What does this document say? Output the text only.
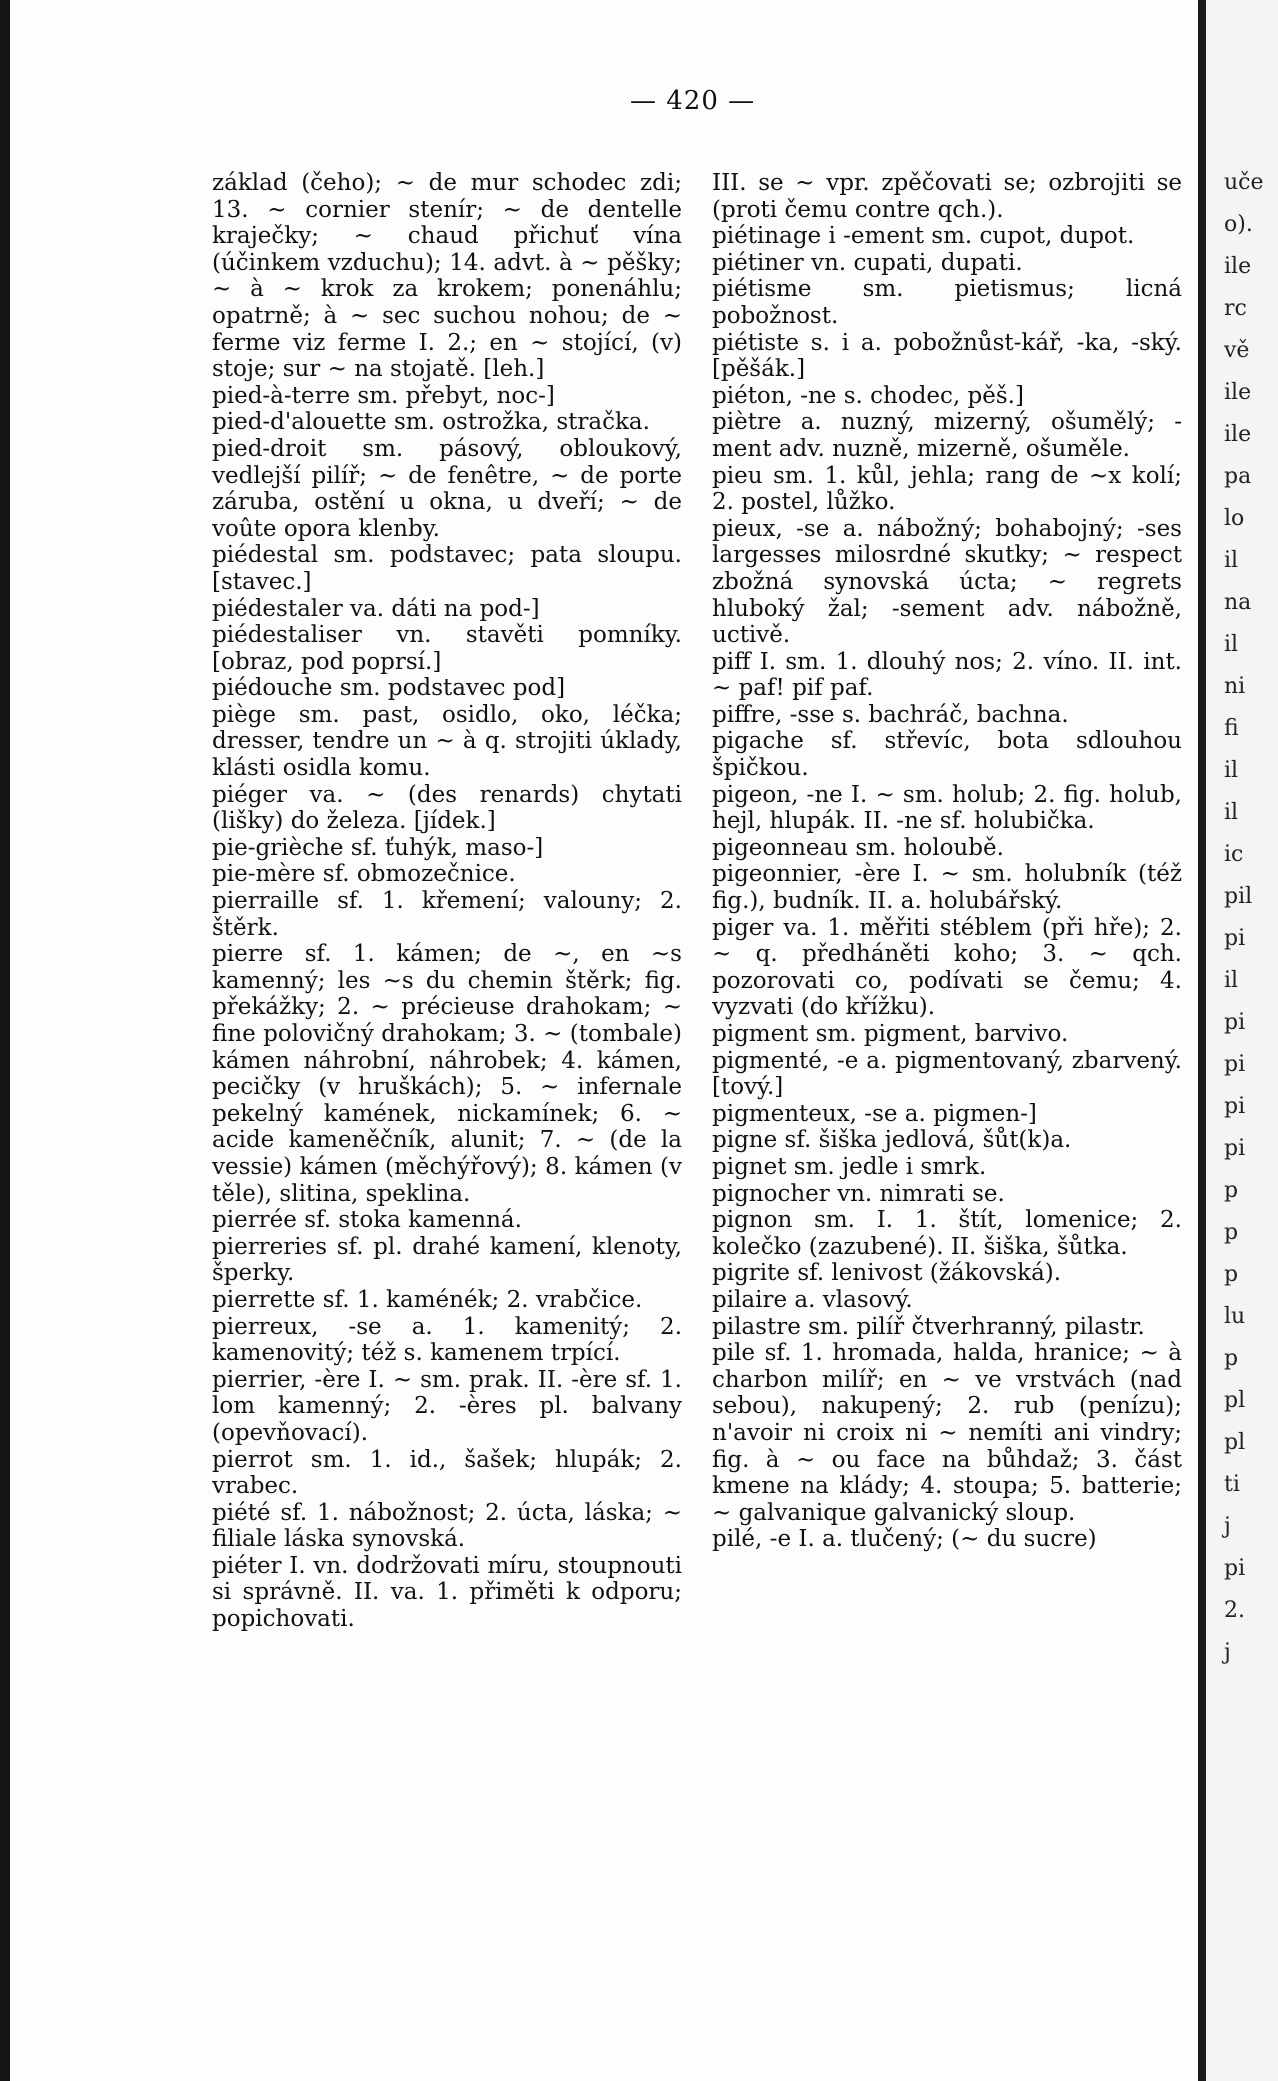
— 420 —

základ (čeho); ~ de mur schodec zdi; 13. ~ cornier stenír; ~ de dentelle kraječky; ~ chaud přichuť vína (účinkem vzduchu); 14. advt. à ~ pěšky; ~ à ~ krok za krokem; ponenáhlu; opatrně; à ~ sec suchou nohou; de ~ ferme viz ferme I. 2.; en ~ stojící, (v) stoje; sur ~ na stojatě. [leh.]

pied-à-terre sm. přebyt, noc-]

pied-d'alouette sm. ostrožka, stračka.

pied-droit sm. pásový, obloukový, vedlejší pilíř; ~ de fenêtre, ~ de porte záruba, ostění u okna, u dveří; ~ de voûte opora klenby.

piédestal sm. podstavec; pata sloupu. [stavec.]

piédestaler va. dáti na pod-]

piédestaliser vn. stavěti pomníky. [obraz, pod poprsí.]

piédouche sm. podstavec pod]

piège sm. past, osidlo, oko, léčka; dresser, tendre un ~ à q. strojiti úklady, klásti osidla komu.

piéger va. ~ (des renards) chytati (lišky) do železa. [jídek.]

pie-grièche sf. ťuhýk, maso-]

pie-mère sf. obmozečnice.

pierraille sf. 1. křemení; valouny; 2. štěrk.

pierre sf. 1. kámen; de ~, en ~s kamenný; les ~s du chemin štěrk; fig. překážky; 2. ~ précieuse drahokam; ~ fine polovičný drahokam; 3. ~ (tombale) kámen náhrobní, náhrobek; 4. kámen, pecičky (v hruškách); 5. ~ infernale pekelný kamének, nickamínek; 6. ~ acide kameněčník, alunit; 7. ~ (de la vessie) kámen (měchýřový); 8. kámen (v těle), slitina, speklina.

pierrée sf. stoka kamenná.

pierreries sf. pl. drahé kamení, klenoty, šperky.

pierrette sf. 1. kaménék; 2. vrabčice.

pierreux, -se a. 1. kamenitý; 2. kamenovitý; též s. kamenem trpící.

pierrier, -ère I. ~ sm. prak. II. -ère sf. 1. lom kamenný; 2. -ères pl. balvany (opevňovací).

pierrot sm. 1. id., šašek; hlupák; 2. vrabec.

piété sf. 1. nábožnost; 2. úcta, láska; ~ filiale láska synovská.

piéter I. vn. dodržovati míru, stoupnouti si správně. II. va. 1. přiměti k odporu; popichovati.

III. se ~ vpr. zpěčovati se; ozbrojiti se (proti čemu contre qch.).

piétinage i -ement sm. cupot, dupot.

piétiner vn. cupati, dupati.

piétisme sm. pietismus; licná pobožnost.

piétiste s. i a. pobožnůst-kář, -ka, -ský. [pěšák.]

piéton, -ne s. chodec, pěš.]

piètre a. nuzný, mizerný, ošumělý; -ment adv. nuzně, mizerně, ošuměle.

pieu sm. 1. kůl, jehla; rang de ~x kolí; 2. postel, lůžko.

pieux, -se a. nábožný; bohabojný; -ses largesses milosrdné skutky; ~ respect zbožná synovská úcta; ~ regrets hluboký žal; -sement adv. nábožně, uctivě.

piff I. sm. 1. dlouhý nos; 2. víno. II. int. ~ paf! pif paf.

piffre, -sse s. bachráč, bachna.

pigache sf. střevíc, bota sdlouhou špičkou.

pigeon, -ne I. ~ sm. holub; 2. fig. holub, hejl, hlupák. II. -ne sf. holubička.

pigeonneau sm. holoubě.

pigeonnier, -ère I. ~ sm. holubník (též fig.), budník. II. a. holubářský.

piger va. 1. měřiti stéblem (při hře); 2. ~ q. předháněti koho; 3. ~ qch. pozorovati co, podívati se čemu; 4. vyzvati (do křížku).

pigment sm. pigment, barvivo.

pigmenté, -e a. pigmentovaný, zbarvený. [tový.]

pigmenteux, -se a. pigmen-]

pigne sf. šiška jedlová, šůt(k)a.

pignet sm. jedle i smrk.

pignocher vn. nimrati se.

pignon sm. I. 1. štít, lomenice; 2. kolečko (zazubené). II. šiška, šůtka.

pigrite sf. lenivost (žákovská).

pilaire a. vlasový.

pilastre sm. pilíř čtverhranný, pilastr.

pile sf. 1. hromada, halda, hranice; ~ à charbon milíř; en ~ ve vrstvách (nad sebou), nakupený; 2. rub (penízu); n'avoir ni croix ni ~ nemíti ani vindry; fig. à ~ ou face na bůhdaž; 3. část kmene na klády; 4. stoupa; 5. batterie; ~ galvanique galvanický sloup.

pilé, -e I. a. tlučený; (~ du sucre)

uče
o).
ile
rc
vě
ile
ile
pa
lo
il
na
il
ni
fi
il
il
ic
pil
pi
il
pi
pi
pi
pi
p
p
p
lu
p
pl
pl
ti
j
pi
2.
j
